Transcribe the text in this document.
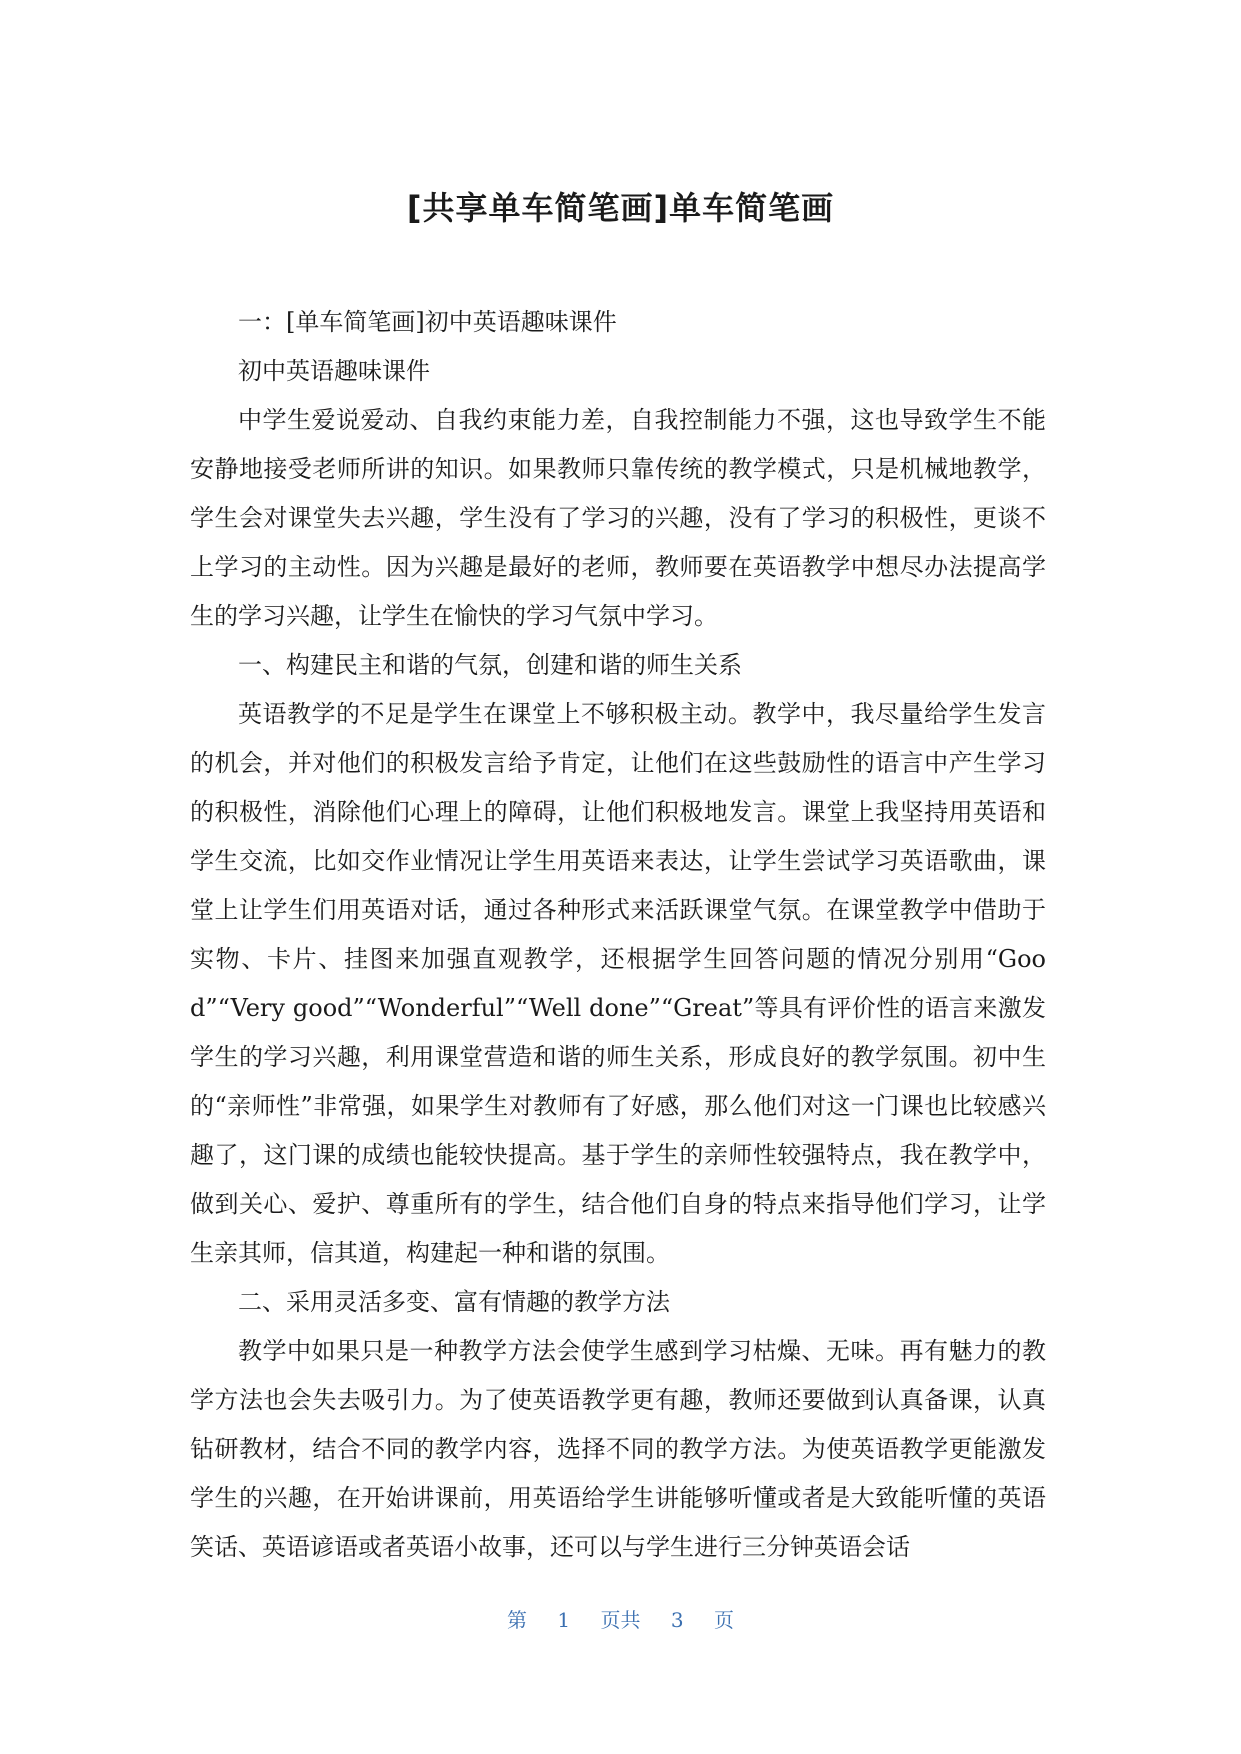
[共享单车简笔画]单车简笔画

一：[单车简笔画]初中英语趣味课件

初中英语趣味课件

中学生爱说爱动、自我约束能力差，自我控制能力不强，这也导致学生不能安静地接受老师所讲的知识。如果教师只靠传统的教学模式，只是机械地教学，学生会对课堂失去兴趣，学生没有了学习的兴趣，没有了学习的积极性，更谈不上学习的主动性。因为兴趣是最好的老师，教师要在英语教学中想尽办法提高学生的学习兴趣，让学生在愉快的学习气氛中学习。

一、构建民主和谐的气氛，创建和谐的师生关系

英语教学的不足是学生在课堂上不够积极主动。教学中，我尽量给学生发言的机会，并对他们的积极发言给予肯定，让他们在这些鼓励性的语言中产生学习的积极性，消除他们心理上的障碍，让他们积极地发言。课堂上我坚持用英语和学生交流，比如交作业情况让学生用英语来表达，让学生尝试学习英语歌曲，课堂上让学生们用英语对话，通过各种形式来活跃课堂气氛。在课堂教学中借助于实物、卡片、挂图来加强直观教学，还根据学生回答问题的情况分别用“Good”“Very good”“Wonderful”“Well done”“Great”等具有评价性的语言来激发学生的学习兴趣，利用课堂营造和谐的师生关系，形成良好的教学氛围。初中生的“亲师性”非常强，如果学生对教师有了好感，那么他们对这一门课也比较感兴趣了，这门课的成绩也能较快提高。基于学生的亲师性较强特点，我在教学中，做到关心、爱护、尊重所有的学生，结合他们自身的特点来指导他们学习，让学生亲其师，信其道，构建起一种和谐的氛围。

二、采用灵活多变、富有情趣的教学方法

教学中如果只是一种教学方法会使学生感到学习枯燥、无味。再有魅力的教学方法也会失去吸引力。为了使英语教学更有趣，教师还要做到认真备课，认真钻研教材，结合不同的教学内容，选择不同的教学方法。为使英语教学更能激发学生的兴趣，在开始讲课前，用英语给学生讲能够听懂或者是大致能听懂的英语笑话、英语谚语或者英语小故事，还可以与学生进行三分钟英语会话

第 1 页共 3 页
